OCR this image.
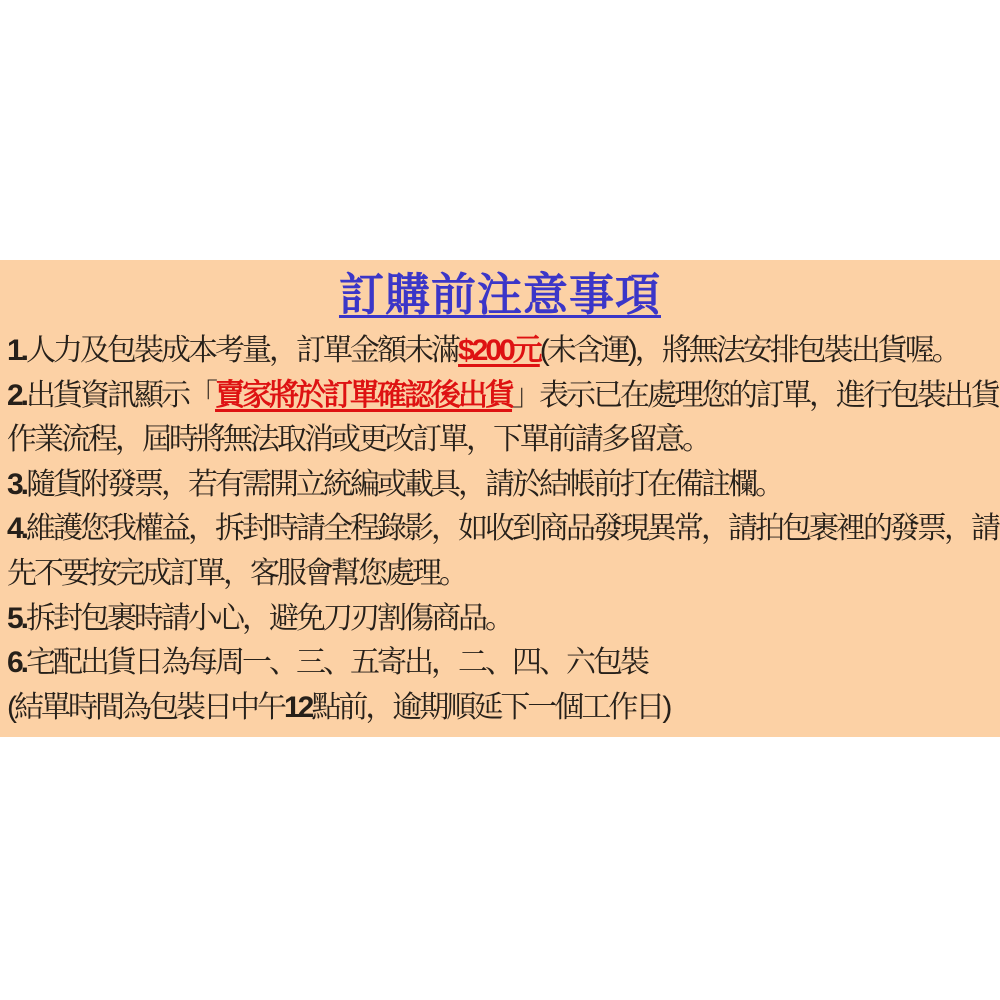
訂購前注意事項
1.人力及包裝成本考量，訂單金額未滿$200元(未含運)，將無法安排包裝出貨喔。
2.出貨資訊顯示「賣家將於訂單確認後出貨」表示已在處理您的訂單，進行包裝出貨
作業流程，屆時將無法取消或更改訂單，下單前請多留意。
3.隨貨附發票，若有需開立統編或載具，請於結帳前打在備註欄。
4.維護您我權益，拆封時請全程錄影，如收到商品發現異常，請拍包裹裡的發票，請
先不要按完成訂單，客服會幫您處理。
5.拆封包裹時請小心，避免刀刃割傷商品。
6.宅配出貨日為每周一、三、五寄出，二、四、六包裝
(結單時間為包裝日中午12點前，逾期順延下一個工作日)
